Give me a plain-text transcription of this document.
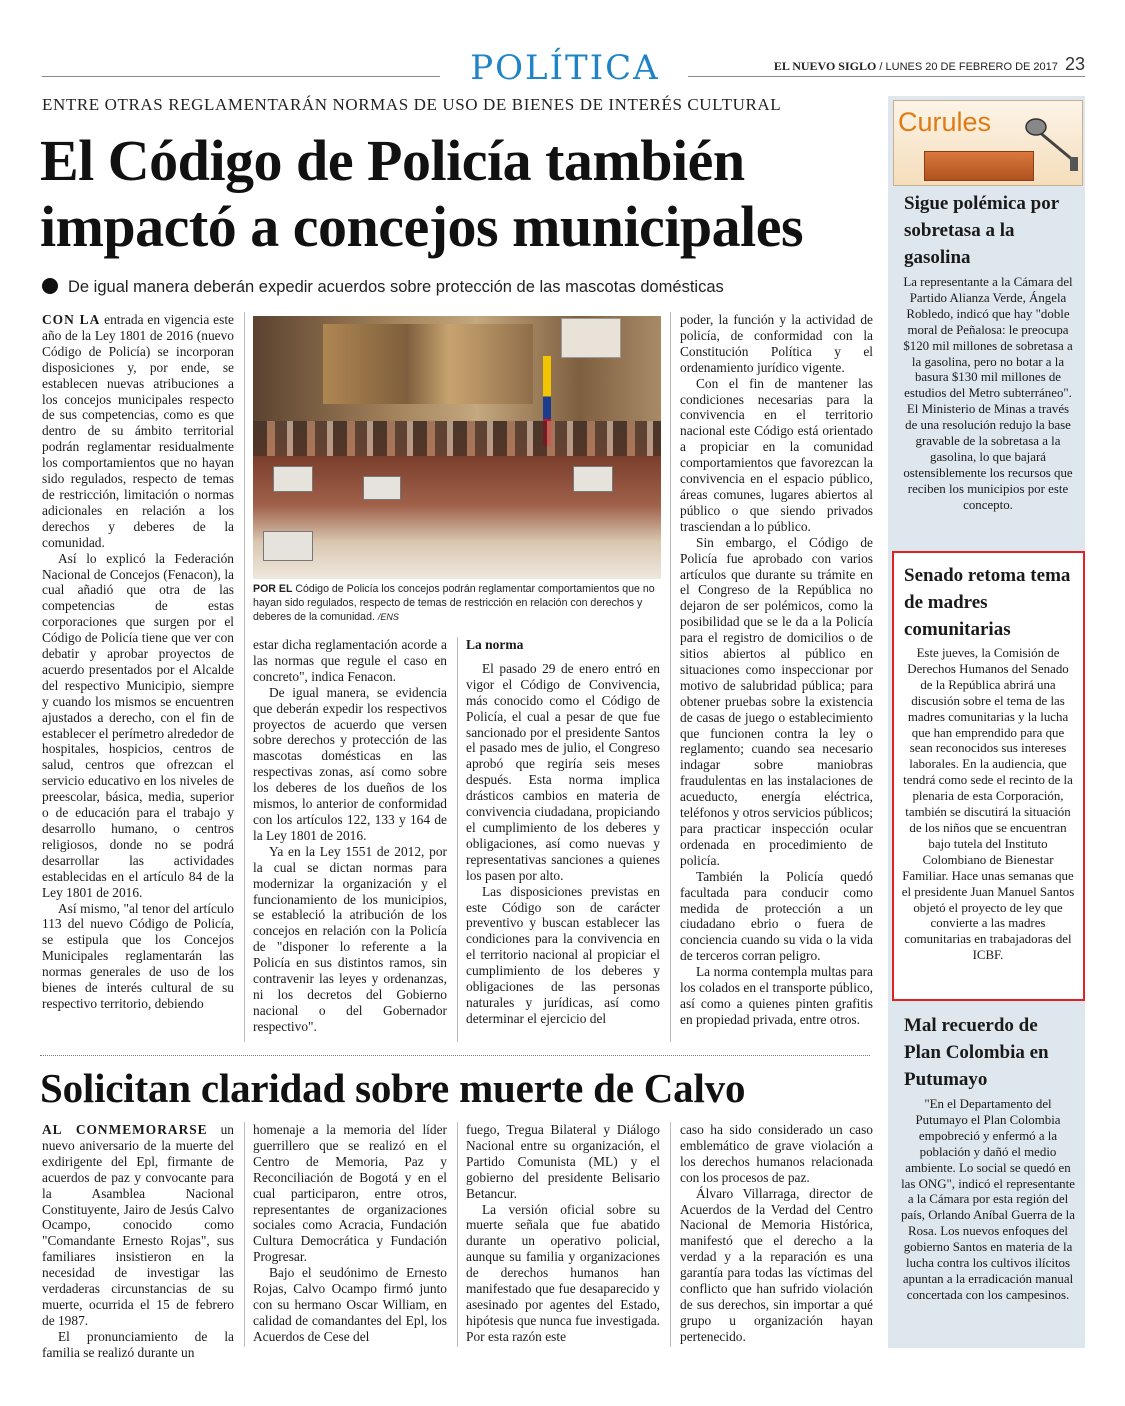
POLÍTICA	EL NUEVO SIGLO / LUNES 20 DE FEBRERO DE 2017 23
ENTRE OTRAS REGLAMENTARÁN NORMAS DE USO DE BIENES DE INTERÉS CULTURAL
El Código de Policía también impactó a concejos municipales
De igual manera deberán expedir acuerdos sobre protección de las mascotas domésticas

CON LA entrada en vigencia este año de la Ley 1801 de 2016 (nuevo Código de Policía) se incorporan disposiciones y, por ende, se establecen nuevas atribuciones a los concejos municipales respecto de sus competencias, como es que dentro de su ámbito territorial podrán reglamentar residualmente los comportamientos que no hayan sido regulados, respecto de temas de restricción, limitación o normas adicionales en relación a los derechos y deberes de la comunidad.

Así lo explicó la Federación Nacional de Concejos (Fenacon), la cual añadió que otra de las competencias de estas corporaciones que surgen por el Código de Policía tiene que ver con debatir y aprobar proyectos de acuerdo presentados por el Alcalde del respectivo Municipio, siempre y cuando los mismos se encuentren ajustados a derecho, con el fin de establecer el perímetro alrededor de hospitales, hospicios, centros de salud, centros que ofrezcan el servicio educativo en los niveles de preescolar, básica, media, superior o de educación para el trabajo y desarrollo humano, o centros religiosos, donde no se podrá desarrollar las actividades establecidas en el artículo 84 de la Ley 1801 de 2016.

Así mismo, "al tenor del artículo 113 del nuevo Código de Policía, se estipula que los Concejos Municipales reglamentarán las normas generales de uso de los bienes de interés cultural de su respectivo territorio, debiendo

POR EL Código de Policía los concejos podrán reglamentar comportamientos que no hayan sido regulados, respecto de temas de restricción en relación con derechos y deberes de la comunidad. /ENS

estar dicha reglamentación acorde a las normas que regule el caso en concreto", indica Fenacon.

De igual manera, se evidencia que deberán expedir los respectivos proyectos de acuerdo que versen sobre derechos y protección de las mascotas domésticas en las respectivas zonas, así como sobre los deberes de los dueños de los mismos, lo anterior de conformidad con los artículos 122, 133 y 164 de la Ley 1801 de 2016.

Ya en la Ley 1551 de 2012, por la cual se dictan normas para modernizar la organización y el funcionamiento de los municipios, se estableció la atribución de los concejos en relación con la Policía de "disponer lo referente a la Policía en sus distintos ramos, sin contravenir las leyes y ordenanzas, ni los decretos del Gobierno nacional o del Gobernador respectivo".

La norma

El pasado 29 de enero entró en vigor el Código de Convivencia, más conocido como el Código de Policía, el cual a pesar de que fue sancionado por el presidente Santos el pasado mes de julio, el Congreso aprobó que regiría seis meses después. Esta norma implica drásticos cambios en materia de convivencia ciudadana, propiciando el cumplimiento de los deberes y obligaciones, así como nuevas y representativas sanciones a quienes los pasen por alto.

Las disposiciones previstas en este Código son de carácter preventivo y buscan establecer las condiciones para la convivencia en el territorio nacional al propiciar el cumplimiento de los deberes y obligaciones de las personas naturales y jurídicas, así como determinar el ejercicio del

poder, la función y la actividad de policía, de conformidad con la Constitución Política y el ordenamiento jurídico vigente.

Con el fin de mantener las condiciones necesarias para la convivencia en el territorio nacional este Código está orientado a propiciar en la comunidad comportamientos que favorezcan la convivencia en el espacio público, áreas comunes, lugares abiertos al público o que siendo privados trasciendan a lo público.

Sin embargo, el Código de Policía fue aprobado con varios artículos que durante su trámite en el Congreso de la República no dejaron de ser polémicos, como la posibilidad que se le da a la Policía para el registro de domicilios o de sitios abiertos al público en situaciones como inspeccionar por motivo de salubridad pública; para obtener pruebas sobre la existencia de casas de juego o establecimiento que funcionen contra la ley o reglamento; cuando sea necesario indagar sobre maniobras fraudulentas en las instalaciones de acueducto, energía eléctrica, teléfonos y otros servicios públicos; para practicar inspección ocular ordenada en procedimiento de policía.

También la Policía quedó facultada para conducir como medida de protección a un ciudadano ebrio o fuera de conciencia cuando su vida o la vida de terceros corran peligro.

La norma contempla multas para los colados en el transporte público, así como a quienes pinten grafitis en propiedad privada, entre otros.

Solicitan claridad sobre muerte de Calvo

AL CONMEMORARSE un nuevo aniversario de la muerte del exdirigente del Epl, firmante de acuerdos de paz y convocante para la Asamblea Nacional Constituyente, Jairo de Jesús Calvo Ocampo, conocido como "Comandante Ernesto Rojas", sus familiares insistieron en la necesidad de investigar las verdaderas circunstancias de su muerte, ocurrida el 15 de febrero de 1987.

El pronunciamiento de la familia se realizó durante un

homenaje a la memoria del líder guerrillero que se realizó en el Centro de Memoria, Paz y Reconciliación de Bogotá y en el cual participaron, entre otros, representantes de organizaciones sociales como Acracia, Fundación Cultura Democrática y Fundación Progresar.

Bajo el seudónimo de Ernesto Rojas, Calvo Ocampo firmó junto con su hermano Oscar William, en calidad de comandantes del Epl, los Acuerdos de Cese del

fuego, Tregua Bilateral y Diálogo Nacional entre su organización, el Partido Comunista (ML) y el gobierno del presidente Belisario Betancur.

La versión oficial sobre su muerte señala que fue abatido durante un operativo policial, aunque su familia y organizaciones de derechos humanos han manifestado que fue desaparecido y asesinado por agentes del Estado, hipótesis que nunca fue investigada. Por esta razón este

caso ha sido considerado un caso emblemático de grave violación a los derechos humanos relacionada con los procesos de paz.

Álvaro Villarraga, director de Acuerdos de la Verdad del Centro Nacional de Memoria Histórica, manifestó que el derecho a la verdad y a la reparación es una garantía para todas las víctimas del conflicto que han sufrido violación de sus derechos, sin importar a qué grupo u organización hayan pertenecido.

Curules
Sigue polémica por sobretasa a la gasolina
La representante a la Cámara del Partido Alianza Verde, Ángela Robledo, indicó que hay "doble moral de Peñalosa: le preocupa $120 mil millones de sobretasa a la gasolina, pero no botar a la basura $130 mil millones de estudios del Metro subterráneo". El Ministerio de Minas a través de una resolución redujo la base gravable de la sobretasa a la gasolina, lo que bajará ostensiblemente los recursos que reciben los municipios por este concepto.
Senado retoma tema de madres comunitarias
Este jueves, la Comisión de Derechos Humanos del Senado de la República abrirá una discusión sobre el tema de las madres comunitarias y la lucha que han emprendido para que sean reconocidos sus intereses laborales. En la audiencia, que tendrá como sede el recinto de la plenaria de esta Corporación, también se discutirá la situación de los niños que se encuentran bajo tutela del Instituto Colombiano de Bienestar Familiar. Hace unas semanas que el presidente Juan Manuel Santos objetó el proyecto de ley que convierte a las madres comunitarias en trabajadoras del ICBF.
Mal recuerdo de Plan Colombia en Putumayo
"En el Departamento del Putumayo el Plan Colombia empobreció y enfermó a la población y dañó el medio ambiente. Lo social se quedó en las ONG", indicó el representante a la Cámara por esta región del país, Orlando Aníbal Guerra de la Rosa. Los nuevos enfoques del gobierno Santos en materia de la lucha contra los cultivos ilícitos apuntan a la erradicación manual concertada con los campesinos.
